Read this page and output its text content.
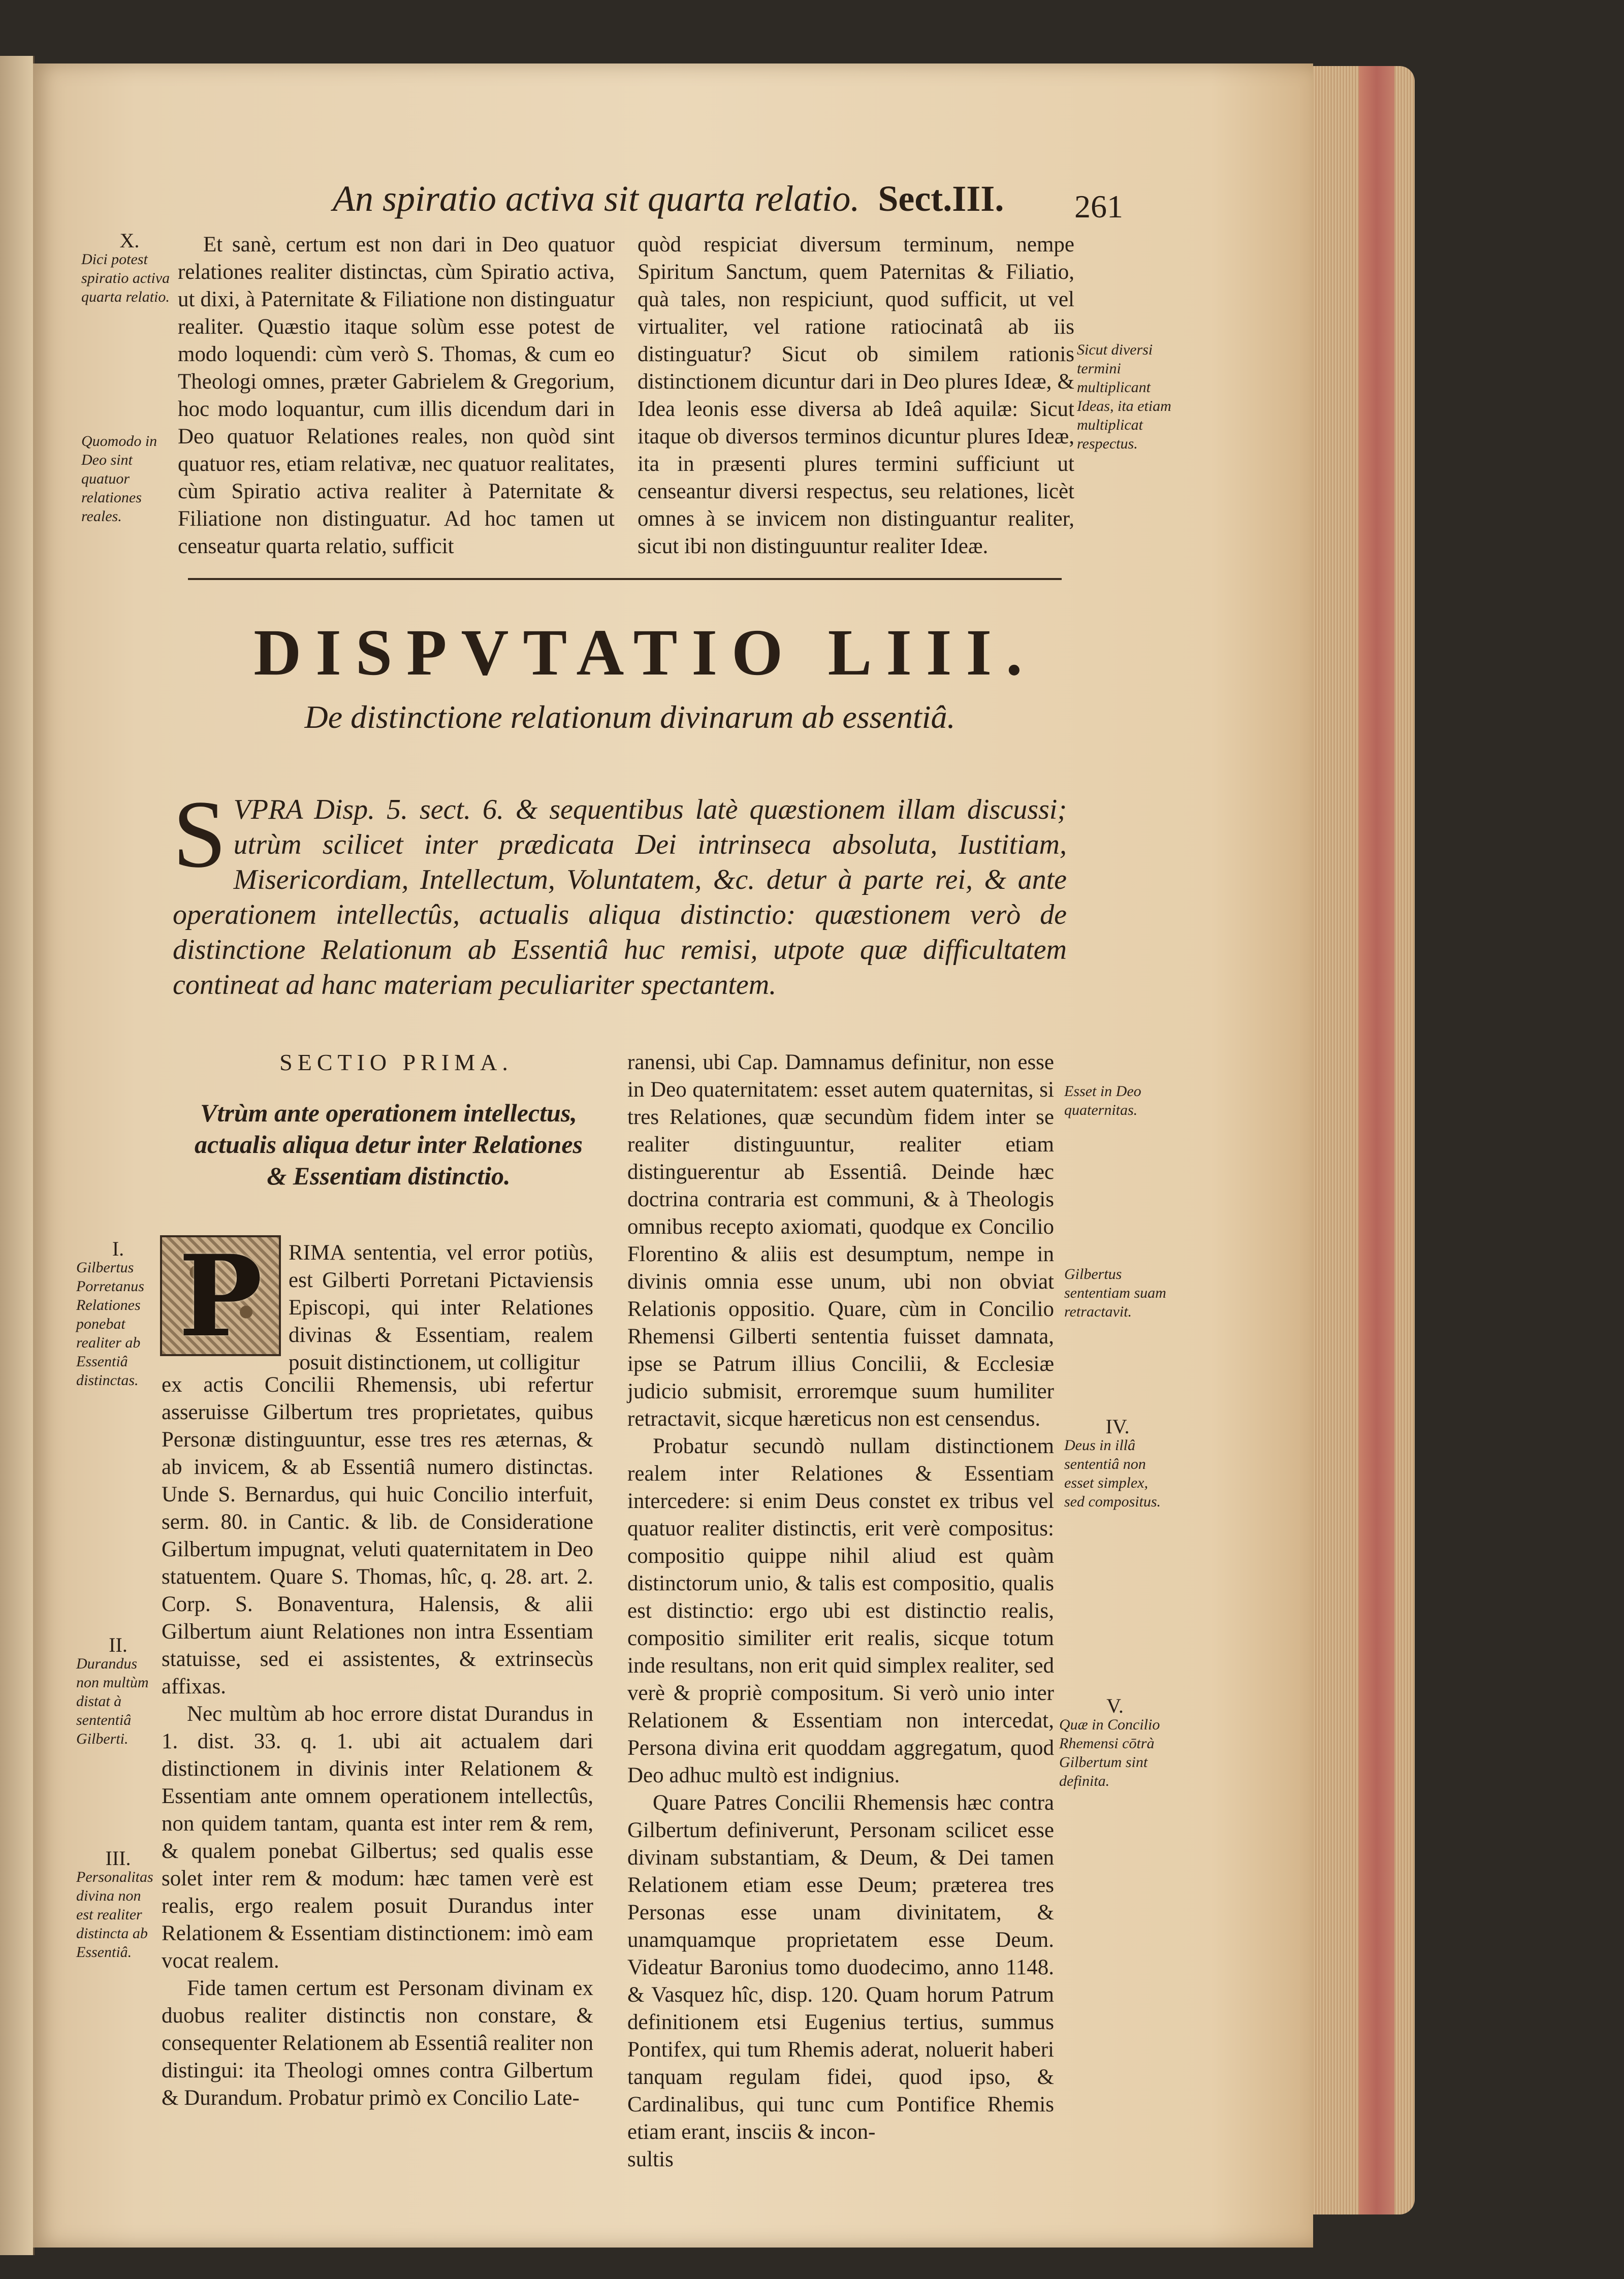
An spiratio activa sit quarta relatio. Sect.III.	261
X.
Dici potest spiratio activa quarta relatio.
Quomodo in Deo sint quatuor relationes reales.

Et sanè, certum est non dari in Deo quatuor relationes realiter distinctas, cùm Spiratio activa, ut dixi, à Paternitate & Filiatione non distinguatur realiter. Quæstio itaque solùm esse potest de modo loquendi: cùm verò S. Thomas, & cum eo Theologi omnes, præter Gabrielem & Gregorium, hoc modo loquantur, cum illis dicendum dari in Deo quatuor Relationes reales, non quòd sint quatuor res, etiam relativæ, nec quatuor realitates, cùm Spiratio activa realiter à Paternitate & Filiatione non distinguatur. Ad hoc tamen ut censeatur quarta relatio, sufficit

quòd respiciat diversum terminum, nempe Spiritum Sanctum, quem Paternitas & Filiatio, quà tales, non respiciunt, quod sufficit, ut vel virtualiter, vel ratione ratiocinatâ ab iis distinguatur? Sicut ob similem rationis distinctionem dicuntur dari in Deo plures Ideæ, & Idea leonis esse diversa ab Ideâ aquilæ: Sicut itaque ob diversos terminos dicuntur plures Ideæ, ita in præsenti plures termini sufficiunt ut censeantur diversi respectus, seu relationes, licèt omnes à se invicem non distinguantur realiter, sicut ibi non distinguuntur realiter Ideæ.

Sicut diversi termini multiplicant Ideas, ita etiam multiplicat respectus.
DISPVTATIO LIII.
De distinctione relationum divinarum ab essentiâ.
S VPRA Disp. 5. sect. 6. & sequentibus latè quæstionem illam discussi; utrùm scilicet inter prædicata Dei intrinseca absoluta, Iustitiam, Misericordiam, Intellectum, Voluntatem, &c. detur à parte rei, & ante operationem intellectûs, actualis aliqua distinctio: quæstionem verò de distinctione Relationum ab Essentiâ huc remisi, utpote quæ difficultatem contineat ad hanc materiam peculiariter spectantem.
SECTIO PRIMA.
Vtrùm ante operationem intellectus, actualis aliqua detur inter Relationes & Essentiam distinctio.
P RIMA sententia, vel error potiùs, est Gilberti Porretani Pictaviensis Episcopi, qui inter Relationes divinas & Essentiam, realem posuit distinctionem, ut colligitur

ex actis Concilii Rhemensis, ubi refertur asseruisse Gilbertum tres proprietates, quibus Personæ distinguuntur, esse tres res æternas, & ab invicem, & ab Essentiâ numero distinctas. Unde S. Bernardus, qui huic Concilio interfuit, serm. 80. in Cantic. & lib. de Consideratione Gilbertum impugnat, veluti quaternitatem in Deo statuentem. Quare S. Thomas, hîc, q. 28. art. 2. Corp. S. Bonaventura, Halensis, & alii Gilbertum aiunt Relationes non intra Essentiam statuisse, sed ei assistentes, & extrinsecùs affixas.

Nec multùm ab hoc errore distat Durandus in 1. dist. 33. q. 1. ubi ait actualem dari distinctionem in divinis inter Relationem & Essentiam ante omnem operationem intellectûs, non quidem tantam, quanta est inter rem & rem, & qualem ponebat Gilbertus; sed qualis esse solet inter rem & modum: hæc tamen verè est realis, ergo realem posuit Durandus inter Relationem & Essentiam distinctionem: imò eam vocat realem.

Fide tamen certum est Personam divinam ex duobus realiter distinctis non constare, & consequenter Relationem ab Essentiâ realiter non distingui: ita Theologi omnes contra Gilbertum & Durandum. Probatur primò ex Concilio Late-

I.
Gilbertus Porretanus Relationes ponebat realiter ab Essentiâ distinctas.
II.
Durandus non multùm distat à sententiâ Gilberti.
III.
Personalitas divina non est realiter distincta ab Essentiâ.

ranensi, ubi Cap. Damnamus definitur, non esse in Deo quaternitatem: esset autem quaternitas, si tres Relationes, quæ secundùm fidem inter se realiter distinguuntur, realiter etiam distinguerentur ab Essentiâ. Deinde hæc doctrina contraria est communi, & à Theologis omnibus recepto axiomati, quodque ex Concilio Florentino & aliis est desumptum, nempe in divinis omnia esse unum, ubi non obviat Relationis oppositio. Quare, cùm in Concilio Rhemensi Gilberti sententia fuisset damnata, ipse se Patrum illius Concilii, & Ecclesiæ judicio submisit, erroremque suum humiliter retractavit, sicque hæreticus non est censendus.

Probatur secundò nullam distinctionem realem inter Relationes & Essentiam intercedere: si enim Deus constet ex tribus vel quatuor realiter distinctis, erit verè compositus: compositio quippe nihil aliud est quàm distinctorum unio, & talis est compositio, qualis est distinctio: ergo ubi est distinctio realis, compositio similiter erit realis, sicque totum inde resultans, non erit quid simplex realiter, sed verè & propriè compositum. Si verò unio inter Relationem & Essentiam non intercedat, Persona divina erit quoddam aggregatum, quod Deo adhuc multò est indignius.

Quare Patres Concilii Rhemensis hæc contra Gilbertum definiverunt, Personam scilicet esse divinam substantiam, & Deum, & Dei tamen Relationem etiam esse Deum; præterea tres Personas esse unam divinitatem, & unamquamque proprietatem esse Deum. Videatur Baronius tomo duodecimo, anno 1148. & Vasquez hîc, disp. 120. Quam horum Patrum definitionem etsi Eugenius tertius, summus Pontifex, qui tum Rhemis aderat, noluerit haberi tanquam regulam fidei, quod ipso, & Cardinalibus, qui tunc cum Pontifice Rhemis etiam erant, insciis & incon-

sultis

Esset in Deo quaternitas.
Gilbertus sententiam suam retractavit.
IV.
Deus in illâ sententiâ non esset simplex, sed compositus.
V.
Quæ in Concilio Rhemensi cōtrà Gilbertum sint definita.
